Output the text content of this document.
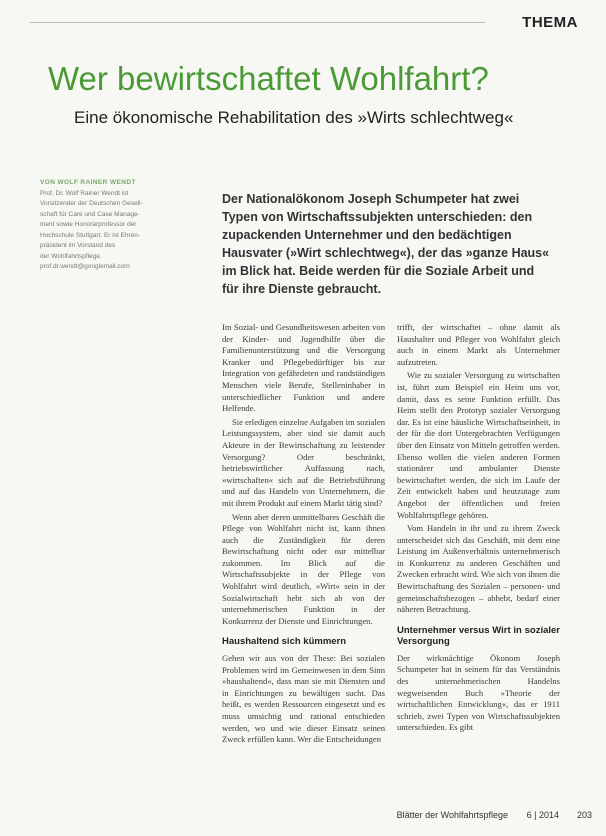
THEMA
Wer bewirtschaftet Wohlfahrt?
Eine ökonomische Rehabilitation des »Wirts schlechtweg«

VON WOLF RAINER WENDT

Prof. Dr. Wolf Rainer Wendt ist

Vorsitzender der Deutschen Gesell-

schaft für Care und Case Manage-

ment sowie Honorarprofessor der

Hochschule Stuttgart. Er ist Ehren-

präsident im Vorstand des

der Wohlfahrtspflege.

prof.dr.wendt@googlemail.com

Der Nationalökonom Joseph Schumpeter hat zwei Typen von Wirtschaftssubjekten unterschieden: den zupackenden Unternehmer und den bedächtigen Hausvater (»Wirt schlechtweg«), der das »ganze Haus« im Blick hat. Beide werden für die Soziale Arbeit und für ihre Dienste gebraucht.

Im Sozial- und Gesundheitswesen arbeiten von der Kinder- und Jugendhilfe über die Familienunterstützung und die Versorgung Kranker und Pflegebedürftiger bis zur Integration von gefährdeten und randständigen Menschen viele Berufe, Stelleninhaber in unterschiedlicher Funktion und andere Helfende.

Sie erledigen einzelne Aufgaben im sozialen Leistungssystem, aber sind sie damit auch Akteure in der Bewirtschaftung zu leistender Versorgung? Oder beschränkt, betriebswirtlicher Auffassung nach, »wirtschaften« sich auf die Betriebsführung und auf das Handeln von Unternehmern, die mit ihrem Produkt auf einem Markt tätig sind?

Wenn aber deren unmittelbares Geschäft die Pflege von Wohlfahrt nicht ist, kann ihnen auch die Zuständigkeit für deren Bewirtschaftung nicht oder nur mittelbar zukommen. Im Blick auf die Wirtschaftssubjekte in der Pflege von Wohlfahrt wird deutlich, »Wirt« sein in der Sozialwirtschaft hebt sich ab von der unternehmerischen Funktion in der Konkurrenz der Dienste und Einrichtungen.

Haushaltend sich kümmern

Gehen wir aus von der These: Bei sozialen Problemen wird im Gemeinwesen in dem Sinn »haushaltend«, dass man sie mit Diensten und in Einrichtungen zu bewältigen sucht. Das heißt, es werden Ressourcen eingesetzt und es muss umsichtig und rational entschieden werden, wo und wie dieser Einsatz seinen Zweck erfüllen kann. Wer die Entscheidungen

trifft, der wirtschaftet – ohne damit als Haushalter und Pfleger von Wohlfahrt gleich auch in einem Markt als Unternehmer aufzutreten.

Wie zu sozialer Versorgung zu wirtschaften ist, führt zum Beispiel ein Heim uns vor, damit, dass es seine Funktion erfüllt. Das Heim stellt den Prototyp sozialer Versorgung dar. Es ist eine häusliche Wirtschaftseinheit, in der für die dort Untergebrachten Verfügungen über den Einsatz von Mitteln getroffen werden. Ebenso wollen die vielen anderen Formen stationärer und ambulanter Dienste bewirtschaftet werden, die sich im Laufe der Zeit entwickelt haben und heutzutage zum Angebot der öffentlichen und freien Wohlfahrtspflege gehören.

Vom Handeln in ihr und zu ihrem Zweck unterscheidet sich das Geschäft, mit dem eine Leistung im Außenverhältnis unternehmerisch in Konkurrenz zu anderen Geschäften und Zwecken erbracht wird. Wie sich von ihnen die Bewirtschaftung des Sozialen – personen- und gemeinschaftsbezogen – abhebt, bedarf einer näheren Betrachtung.

Unternehmer versus Wirt in sozialer Versorgung

Der wirkmächtige Ökonom Joseph Schumpeter hat in seinem für das Verständnis des unternehmerischen Handelns wegweisenden Buch »Theorie der wirtschaftlichen Entwicklung«, das er 1911 schrieb, zwei Typen von Wirtschaftssubjekten unterschieden. Es gibt

Blätter der Wohlfahrtspflege 6 | 2014 203
